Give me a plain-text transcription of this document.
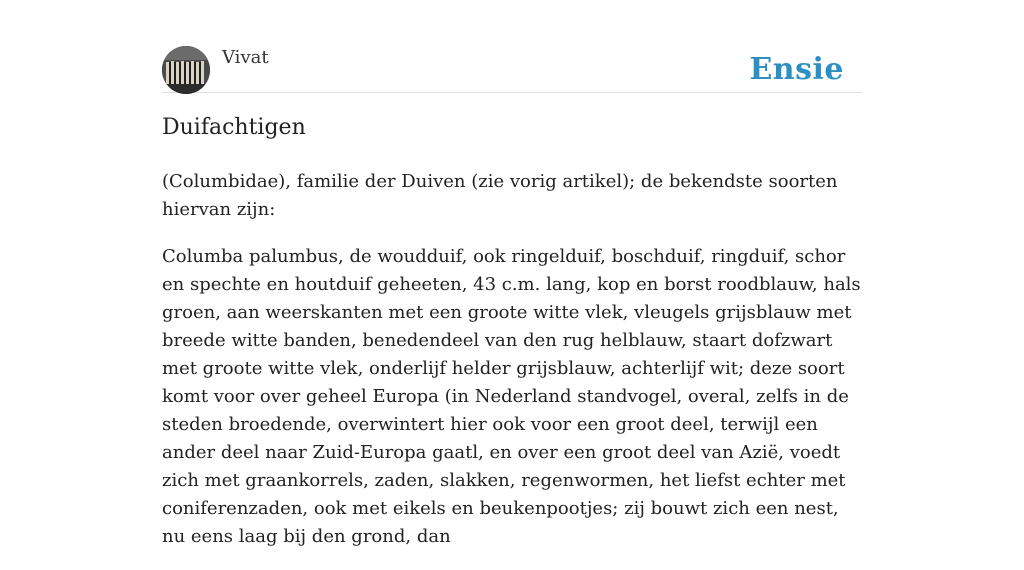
Vivat	Ensie
Duifachtigen

(Columbidae), familie der Duiven (zie vorig artikel); de bekendste soorten hiervan zijn:

Columba palumbus, de woudduif, ook ringelduif, boschduif, ringduif, schor en spechte en houtduif geheeten, 43 c.m. lang, kop en borst roodblauw, hals groen, aan weerskanten met een groote witte vlek, vleugels grijsblauw met breede witte banden, benedendeel van den rug helblauw, staart dofzwart met groote witte vlek, onderlijf helder grijsblauw, achterlijf wit; deze soort komt voor over geheel Europa (in Nederland standvogel, overal, zelfs in de steden broedende, overwintert hier ook voor een groot deel, terwijl een ander deel naar Zuid-Europa gaatl, en over een groot deel van Azië, voedt zich met graankorrels, zaden, slakken, regenwormen, het liefst echter met coniferenzaden, ook met eikels en beukenpootjes; zij bouwt zich een nest, nu eens laag bij den grond, dan
